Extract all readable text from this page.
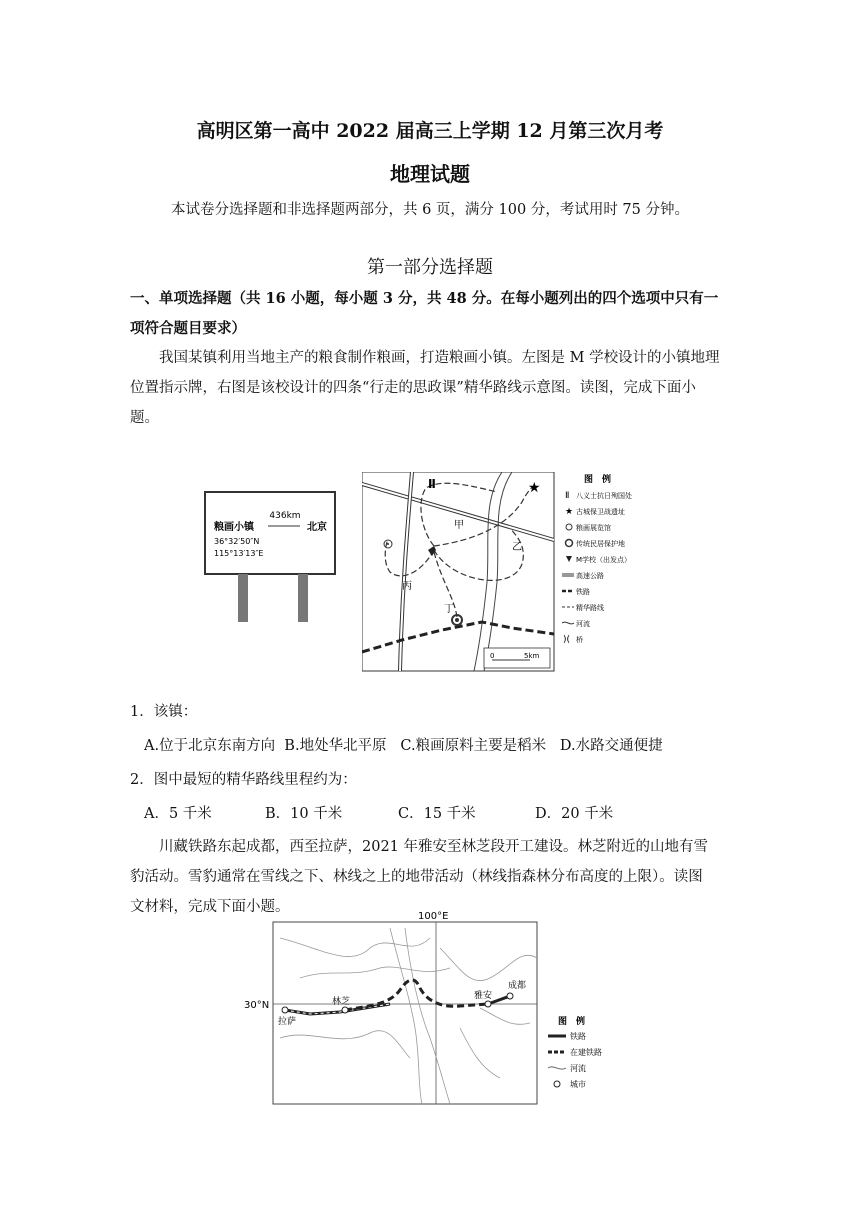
高明区第一高中 2022 届高三上学期 12 月第三次月考
地理试题
本试卷分选择题和非选择题两部分，共 6 页，满分 100 分，考试用时 75 分钟。
第一部分选择题
一、单项选择题（共 16 小题，每小题 3 分，共 48 分。在每小题列出的四个选项中只有一
项符合题目要求）
我国某镇利用当地主产的粮食制作粮画，打造粮画小镇。左图是 M 学校设计的小镇地理
位置指示牌，右图是该校设计的四条“行走的思政课”精华路线示意图。读图，完成下面小
题。
436km
粮画小镇	北京
36°32′50″N
115°13′13″E
Ⅱ	★
甲
乙
丙
丁
0	5km
图　例
Ⅱ 八义士抗日殉国处
★ 古城保卫战遗址
粮画展览馆
传统民居保护地
M学校（出发点）
高速公路
铁路
精华路线
河流
)( 桥
1．该镇：
A.位于北京东南方向  B.地处华北平原   C.粮画原料主要是稻米   D.水路交通便捷
2．图中最短的精华路线里程约为：
A．5 千米	B．10 千米	C．15 千米	D．20 千米
川藏铁路东起成都，西至拉萨，2021 年雅安至林芝段开工建设。林芝附近的山地有雪
豹活动。雪豹通常在雪线之下、林线之上的地带活动（林线指森林分布高度的上限）。读图
文材料，完成下面小题。
100°E
30°N
拉萨
林芝
雅安
成都
图　例
铁路
在建铁路
河流
城市
